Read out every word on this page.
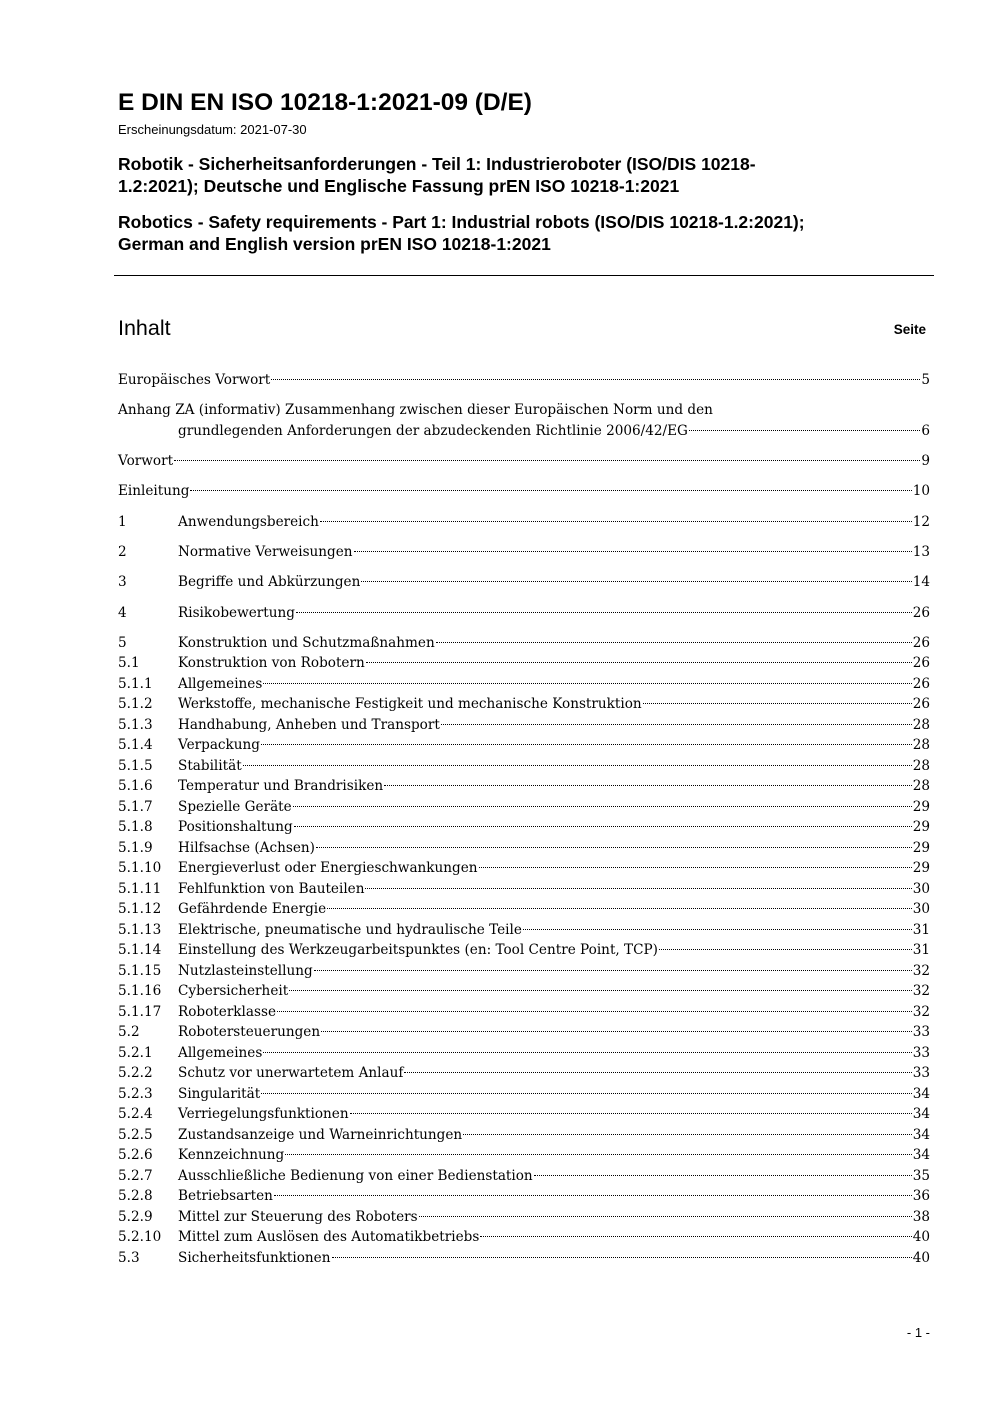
E DIN EN ISO 10218-1:2021-09 (D/E)
Erscheinungsdatum: 2021-07-30
Robotik - Sicherheitsanforderungen - Teil 1: Industrieroboter (ISO/DIS 10218-
1.2:2021); Deutsche und Englische Fassung prEN ISO 10218-1:2021
Robotics - Safety requirements - Part 1: Industrial robots (ISO/DIS 10218-1.2:2021);
German and English version prEN ISO 10218-1:2021
Inhalt	Seite
Europäisches Vorwort	5
Anhang ZA (informativ) Zusammenhang zwischen dieser Europäischen Norm und den
grundlegenden Anforderungen der abzudeckenden Richtlinie 2006/42/EG	6
Vorwort	9
Einleitung	10
1	Anwendungsbereich	12
2	Normative Verweisungen	13
3	Begriffe und Abkürzungen	14
4	Risikobewertung	26
5	Konstruktion und Schutzmaßnahmen	26
5.1	Konstruktion von Robotern	26
5.1.1 Allgemeines	26
5.1.2 Werkstoffe, mechanische Festigkeit und mechanische Konstruktion	26
5.1.3 Handhabung, Anheben und Transport	28
5.1.4 Verpackung	28
5.1.5 Stabilität	28
5.1.6 Temperatur und Brandrisiken	28
5.1.7 Spezielle Geräte	29
5.1.8 Positionshaltung	29
5.1.9 Hilfsachse (Achsen)	29
5.1.10 Energieverlust oder Energieschwankungen	29
5.1.11 Fehlfunktion von Bauteilen	30
5.1.12 Gefährdende Energie	30
5.1.13 Elektrische, pneumatische und hydraulische Teile	31
5.1.14 Einstellung des Werkzeugarbeitspunktes (en: Tool Centre Point, TCP)	31
5.1.15 Nutzlasteinstellung	32
5.1.16 Cybersicherheit	32
5.1.17 Roboterklasse	32
5.2	Robotersteuerungen	33
5.2.1 Allgemeines	33
5.2.2 Schutz vor unerwartetem Anlauf	33
5.2.3 Singularität	34
5.2.4 Verriegelungsfunktionen	34
5.2.5 Zustandsanzeige und Warneinrichtungen	34
5.2.6 Kennzeichnung	34
5.2.7 Ausschließliche Bedienung von einer Bedienstation	35
5.2.8 Betriebsarten	36
5.2.9 Mittel zur Steuerung des Roboters	38
5.2.10 Mittel zum Auslösen des Automatikbetriebs	40
5.3	Sicherheitsfunktionen	40
- 1 -
